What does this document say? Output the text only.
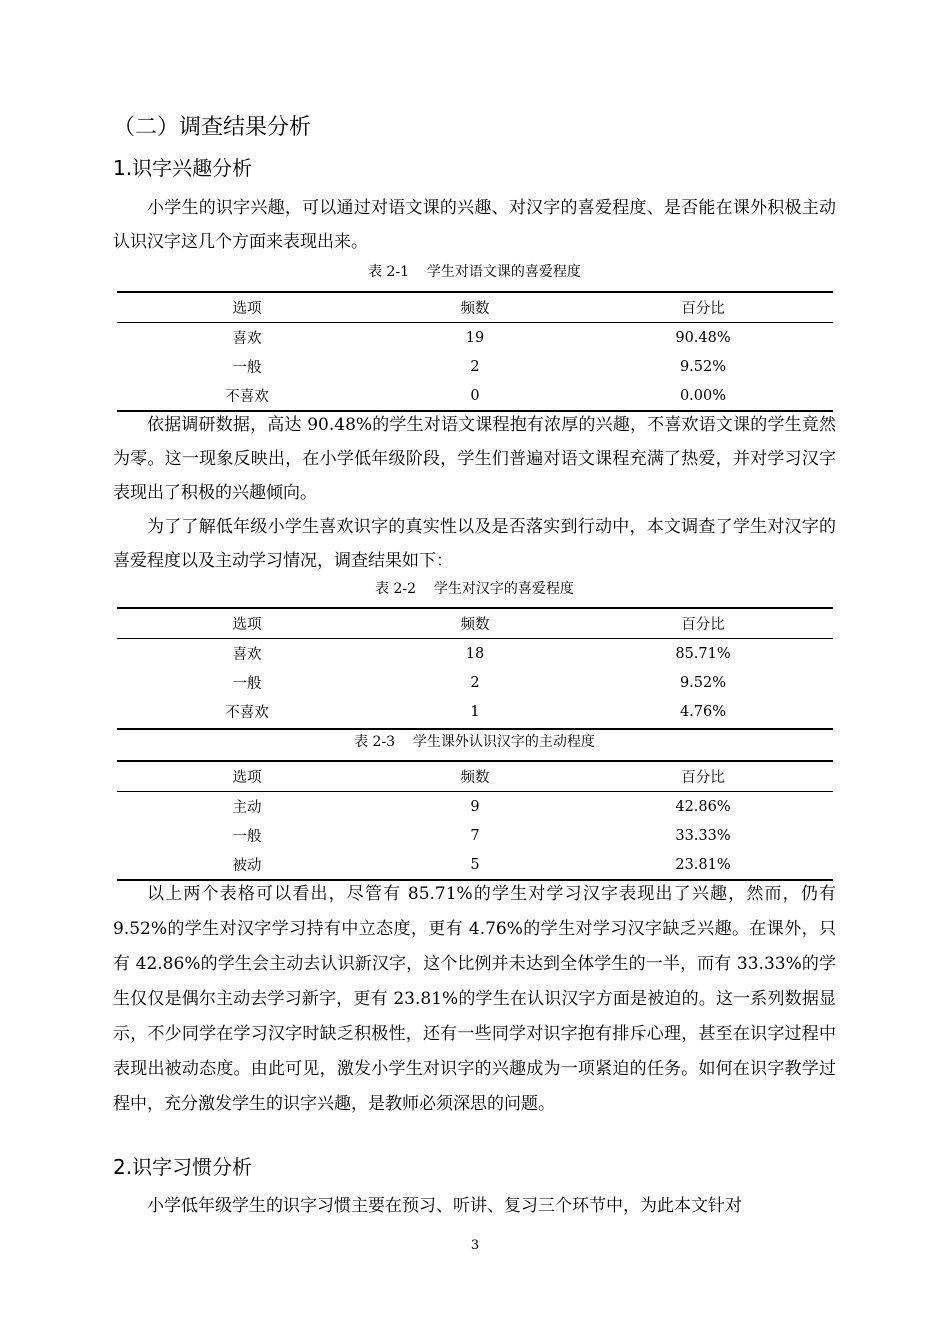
（二）调查结果分析
1.识字兴趣分析

小学生的识字兴趣，可以通过对语文课的兴趣、对汉字的喜爱程度、是否能在课外积极主动认识汉字这几个方面来表现出来。

表 2-1    学生对语文课的喜爱程度

选项	频数	百分比
喜欢	19	90.48%
一般	2	9.52%
不喜欢	0	0.00%

依据调研数据，高达 90.48%的学生对语文课程抱有浓厚的兴趣，不喜欢语文课的学生竟然为零。这一现象反映出，在小学低年级阶段，学生们普遍对语文课程充满了热爱，并对学习汉字表现出了积极的兴趣倾向。

为了了解低年级小学生喜欢识字的真实性以及是否落实到行动中，本文调查了学生对汉字的喜爱程度以及主动学习情况，调查结果如下：

表 2-2    学生对汉字的喜爱程度

选项	频数	百分比
喜欢	18	85.71%
一般	2	9.52%
不喜欢	1	4.76%

表 2-3    学生课外认识汉字的主动程度

选项	频数	百分比
主动	9	42.86%
一般	7	33.33%
被动	5	23.81%

以上两个表格可以看出，尽管有 85.71%的学生对学习汉字表现出了兴趣，然而，仍有 9.52%的学生对汉字学习持有中立态度，更有 4.76%的学生对学习汉字缺乏兴趣。在课外，只有 42.86%的学生会主动去认识新汉字，这个比例并未达到全体学生的一半，而有 33.33%的学生仅仅是偶尔主动去学习新字，更有 23.81%的学生在认识汉字方面是被迫的。这一系列数据显示，不少同学在学习汉字时缺乏积极性，还有一些同学对识字抱有排斥心理，甚至在识字过程中表现出被动态度。由此可见，激发小学生对识字的兴趣成为一项紧迫的任务。如何在识字教学过程中，充分激发学生的识字兴趣，是教师必须深思的问题。

2.识字习惯分析

小学低年级学生的识字习惯主要在预习、听讲、复习三个环节中，为此本文针对

3
